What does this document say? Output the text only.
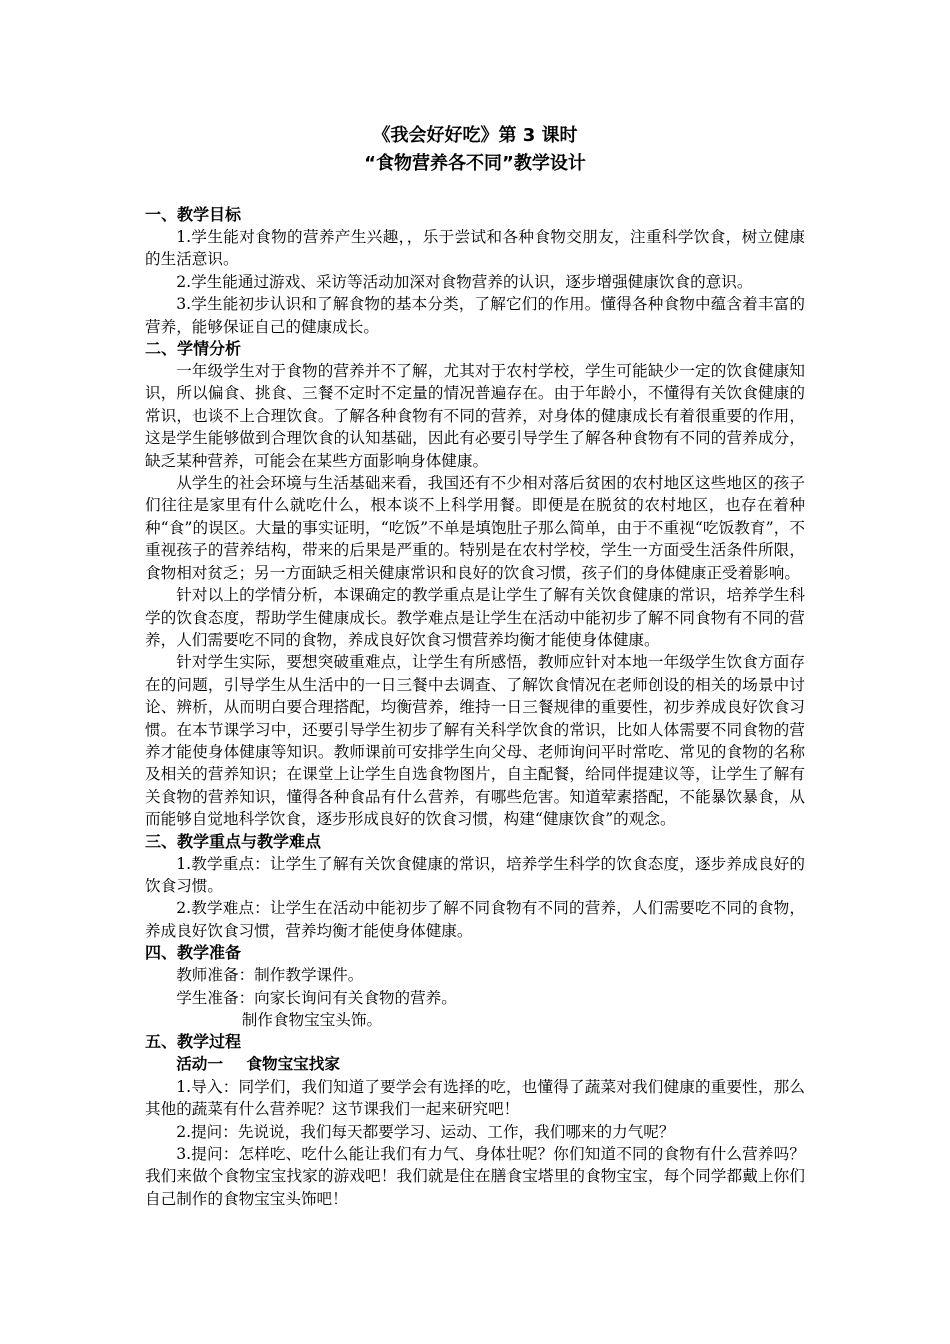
《我会好好吃》第 3 课时

“食物营养各不同”教学设计

一、教学目标

1.学生能对食物的营养产生兴趣，，乐于尝试和各种食物交朋友，注重科学饮食，树立健康的生活意识。

2.学生能通过游戏、采访等活动加深对食物营养的认识，逐步增强健康饮食的意识。

3.学生能初步认识和了解食物的基本分类，了解它们的作用。懂得各种食物中蕴含着丰富的营养，能够保证自己的健康成长。

二、学情分析

一年级学生对于食物的营养并不了解，尤其对于农村学校，学生可能缺少一定的饮食健康知识，所以偏食、挑食、三餐不定时不定量的情况普遍存在。由于年龄小，不懂得有关饮食健康的常识，也谈不上合理饮食。了解各种食物有不同的营养，对身体的健康成长有着很重要的作用，这是学生能够做到合理饮食的认知基础，因此有必要引导学生了解各种食物有不同的营养成分，缺乏某种营养，可能会在某些方面影响身体健康。

从学生的社会环境与生活基础来看，我国还有不少相对落后贫困的农村地区这些地区的孩子们往往是家里有什么就吃什么，根本谈不上科学用餐。即便是在脱贫的农村地区，也存在着种种“食”的误区。大量的事实证明，“吃饭”不单是填饱肚子那么简单，由于不重视“吃饭教育”，不重视孩子的营养结构，带来的后果是严重的。特别是在农村学校，学生一方面受生活条件所限，食物相对贫乏；另一方面缺乏相关健康常识和良好的饮食习惯，孩子们的身体健康正受着影响。

针对以上的学情分析，本课确定的教学重点是让学生了解有关饮食健康的常识，培养学生科学的饮食态度，帮助学生健康成长。教学难点是让学生在活动中能初步了解不同食物有不同的营养，人们需要吃不同的食物，养成良好饮食习惯营养均衡才能使身体健康。

针对学生实际，要想突破重难点，让学生有所感悟，教师应针对本地一年级学生饮食方面存在的问题，引导学生从生活中的一日三餐中去调查、了解饮食情况在老师创设的相关的场景中讨论、辨析，从而明白要合理搭配，均衡营养，维持一日三餐规律的重要性，初步养成良好饮食习惯。在本节课学习中，还要引导学生初步了解有关科学饮食的常识，比如人体需要不同食物的营养才能使身体健康等知识。教师课前可安排学生向父母、老师询问平时常吃、常见的食物的名称及相关的营养知识；在课堂上让学生自选食物图片，自主配餐，给同伴提建议等，让学生了解有关食物的营养知识，懂得各种食品有什么营养，有哪些危害。知道荤素搭配，不能暴饮暴食，从而能够自觉地科学饮食，逐步形成良好的饮食习惯，构建“健康饮食”的观念。

三、教学重点与教学难点

1.教学重点：让学生了解有关饮食健康的常识，培养学生科学的饮食态度，逐步养成良好的饮食习惯。

2.教学难点：让学生在活动中能初步了解不同食物有不同的营养，人们需要吃不同的食物，养成良好饮食习惯，营养均衡才能使身体健康。

四、教学准备

教师准备：制作教学课件。

学生准备：向家长询问有关食物的营养。

制作食物宝宝头饰。

五、教学过程

活动一 食物宝宝找家

1.导入：同学们，我们知道了要学会有选择的吃，也懂得了蔬菜对我们健康的重要性，那么其他的蔬菜有什么营养呢？这节课我们一起来研究吧！

2.提问：先说说，我们每天都要学习、运动、工作，我们哪来的力气呢？

3.提问：怎样吃、吃什么能让我们有力气、身体壮呢？你们知道不同的食物有什么营养吗？我们来做个食物宝宝找家的游戏吧！我们就是住在膳食宝塔里的食物宝宝，每个同学都戴上你们自己制作的食物宝宝头饰吧！
